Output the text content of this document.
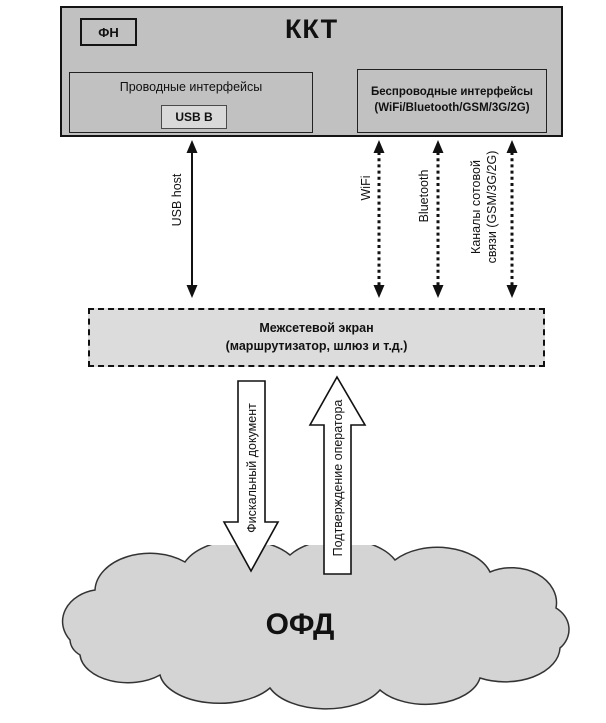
ККТ
ФН
Проводные интерфейсы
USB B
Беспроводные интерфейсы
(WiFi/Bluetooth/GSM/3G/2G)
USB host	WiFi	Bluetooth	Каналы сотовой связи (GSM/3G/2G)
Межсетевой экран
(маршрутизатор, шлюз и т.д.)
ОФД
Фискальный документ	Подтверждение оператора
